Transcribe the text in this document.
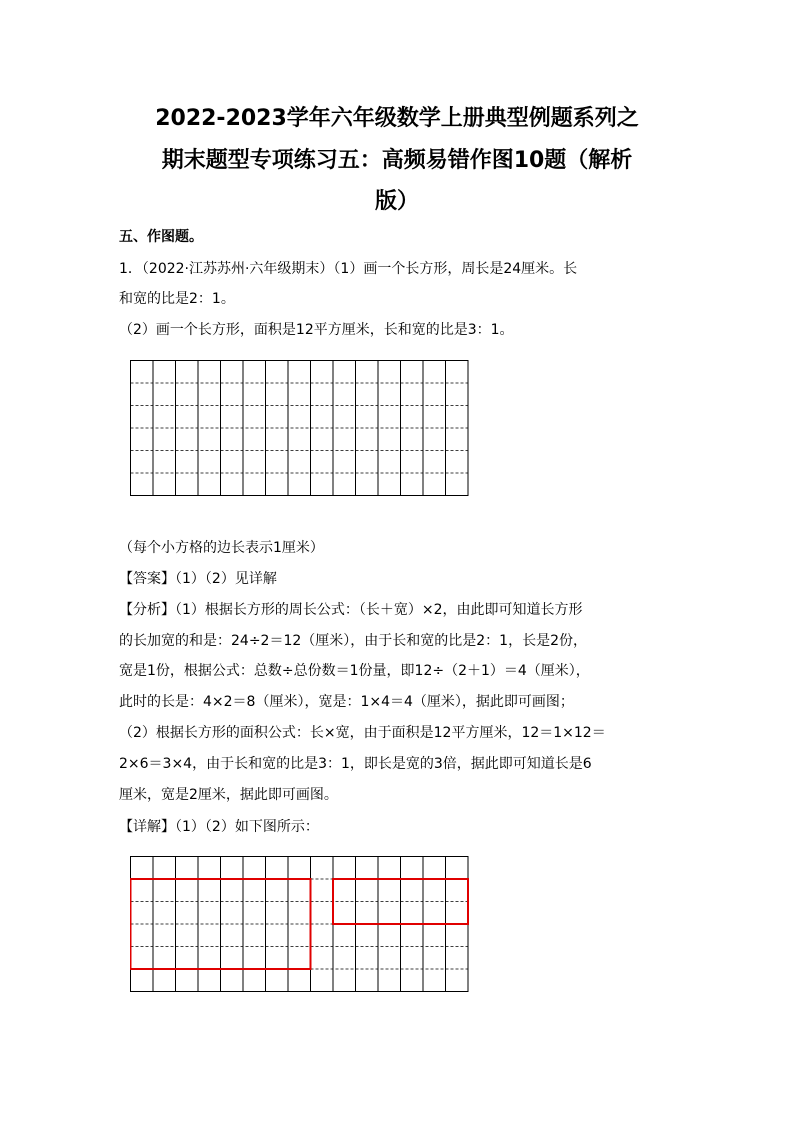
2022-2023学年六年级数学上册典型例题系列之
期末题型专项练习五：高频易错作图10题（解析
版）
五、作图题。
1．（2022·江苏苏州·六年级期末）（1）画一个长方形，周长是24厘米。长
和宽的比是2：1。
（2）画一个长方形，面积是12平方厘米，长和宽的比是3：1。
（每个小方格的边长表示1厘米）
【答案】（1）（2）见详解
【分析】（1）根据长方形的周长公式：（长＋宽）×2，由此即可知道长方形
的长加宽的和是：24÷2＝12（厘米），由于长和宽的比是2：1，长是2份，
宽是1份，根据公式：总数÷总份数＝1份量，即12÷（2＋1）＝4（厘米），
此时的长是：4×2＝8（厘米），宽是：1×4＝4（厘米），据此即可画图；
（2）根据长方形的面积公式：长×宽，由于面积是12平方厘米，12＝1×12＝
2×6＝3×4，由于长和宽的比是3：1，即长是宽的3倍，据此即可知道长是6
厘米，宽是2厘米，据此即可画图。
【详解】（1）（2）如下图所示：
